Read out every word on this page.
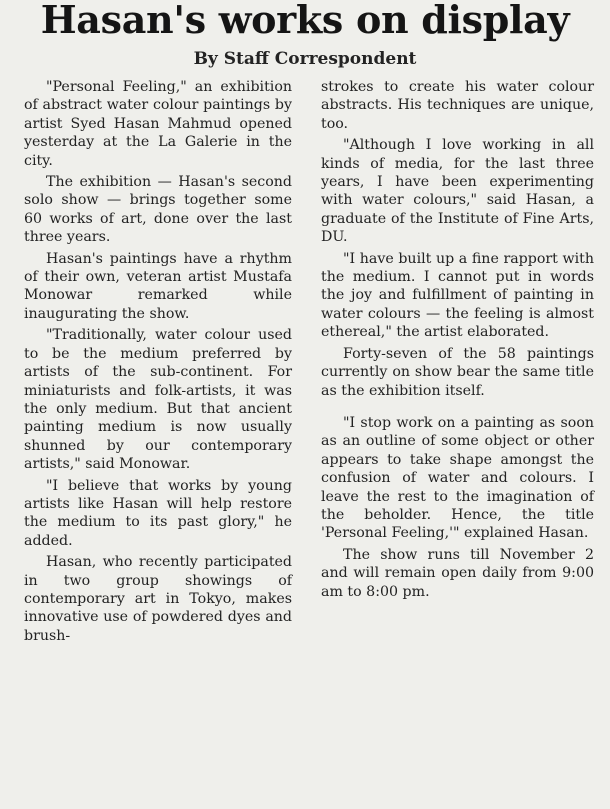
Hasan's works on display
By Staff Correspondent

"Personal Feeling," an exhibition of abstract water colour paintings by artist Syed Hasan Mahmud opened yesterday at the La Galerie in the city.

The exhibition — Hasan's second solo show — brings together some 60 works of art, done over the last three years.

Hasan's paintings have a rhythm of their own, veteran artist Mustafa Monowar remarked while inaugurating the show.

"Traditionally, water colour used to be the medium preferred by artists of the sub-continent. For miniaturists and folk-artists, it was the only medium. But that ancient painting medium is now usually shunned by our contemporary artists," said Monowar.

"I believe that works by young artists like Hasan will help restore the medium to its past glory," he added.

Hasan, who recently participated in two group showings of contemporary art in Tokyo, makes innovative use of powdered dyes and brush-

strokes to create his water colour abstracts. His techniques are unique, too.

"Although I love working in all kinds of media, for the last three years, I have been experimenting with water colours," said Hasan, a graduate of the Institute of Fine Arts, DU.

"I have built up a fine rapport with the medium. I cannot put in words the joy and fulfillment of painting in water colours — the feeling is almost ethereal," the artist elaborated.

Forty-seven of the 58 paintings currently on show bear the same title as the exhibition itself.

"I stop work on a painting as soon as an outline of some object or other appears to take shape amongst the confusion of water and colours. I leave the rest to the imagination of the beholder. Hence, the title 'Personal Feeling,'" explained Hasan.

The show runs till November 2 and will remain open daily from 9:00 am to 8:00 pm.
